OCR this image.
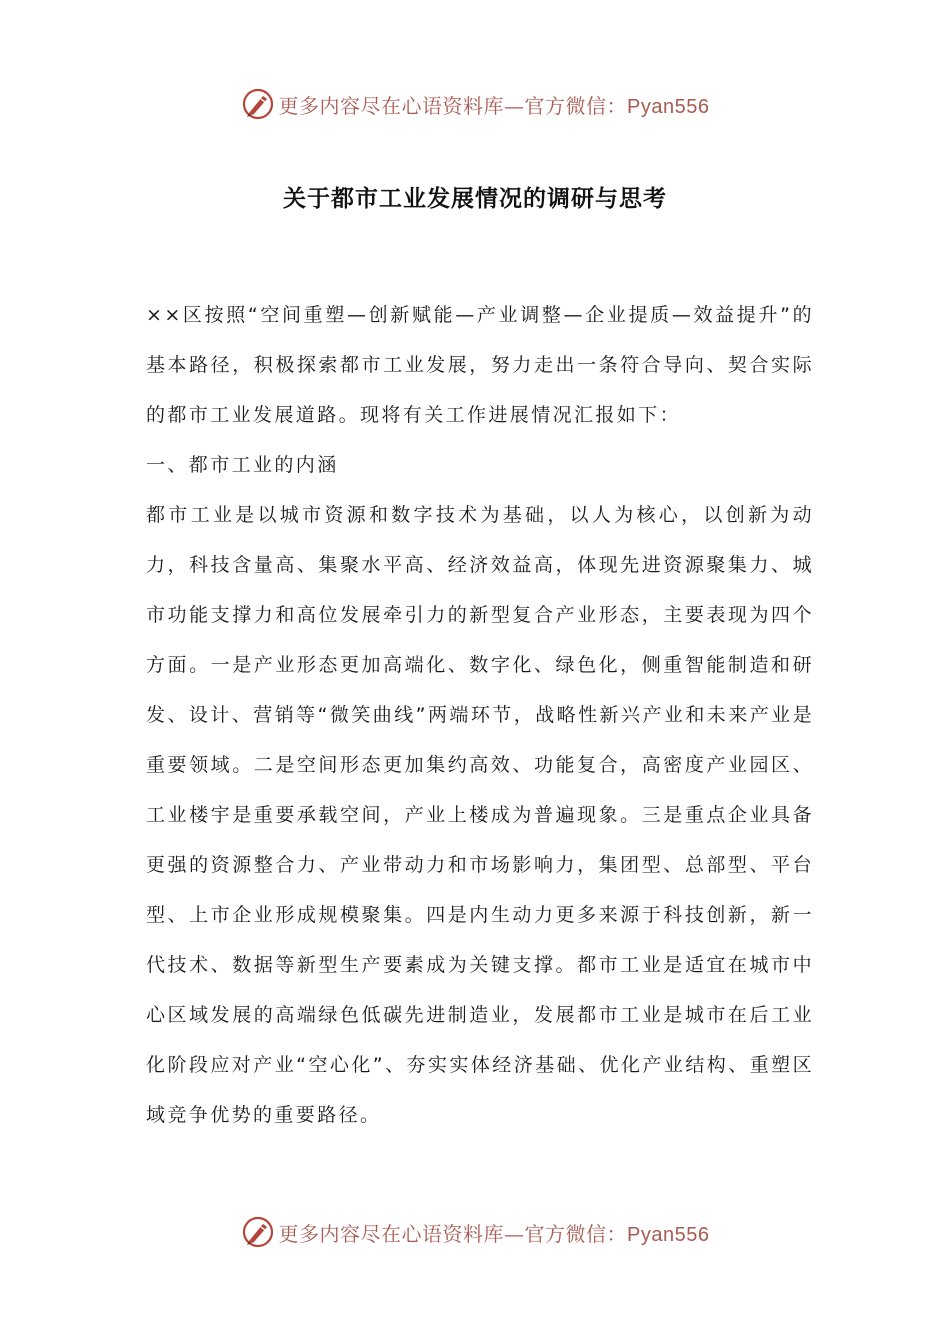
更多内容尽在心语资料库—官方微信：Pyan556
关于都市工业发展情况的调研与思考

××区按照“空间重塑—创新赋能—产业调整—企业提质—效益提升”的基本路径，积极探索都市工业发展，努力走出一条符合导向、契合实际的都市工业发展道路。现将有关工作进展情况汇报如下：

一、都市工业的内涵

都市工业是以城市资源和数字技术为基础，以人为核心，以创新为动力，科技含量高、集聚水平高、经济效益高，体现先进资源聚集力、城市功能支撑力和高位发展牵引力的新型复合产业形态，主要表现为四个方面。一是产业形态更加高端化、数字化、绿色化，侧重智能制造和研发、设计、营销等“微笑曲线”两端环节，战略性新兴产业和未来产业是重要领域。二是空间形态更加集约高效、功能复合，高密度产业园区、工业楼宇是重要承载空间，产业上楼成为普遍现象。三是重点企业具备更强的资源整合力、产业带动力和市场影响力，集团型、总部型、平台型、上市企业形成规模聚集。四是内生动力更多来源于科技创新，新一代技术、数据等新型生产要素成为关键支撑。都市工业是适宜在城市中心区域发展的高端绿色低碳先进制造业，发展都市工业是城市在后工业化阶段应对产业“空心化”、夯实实体经济基础、优化产业结构、重塑区域竞争优势的重要路径。

更多内容尽在心语资料库—官方微信：Pyan556
